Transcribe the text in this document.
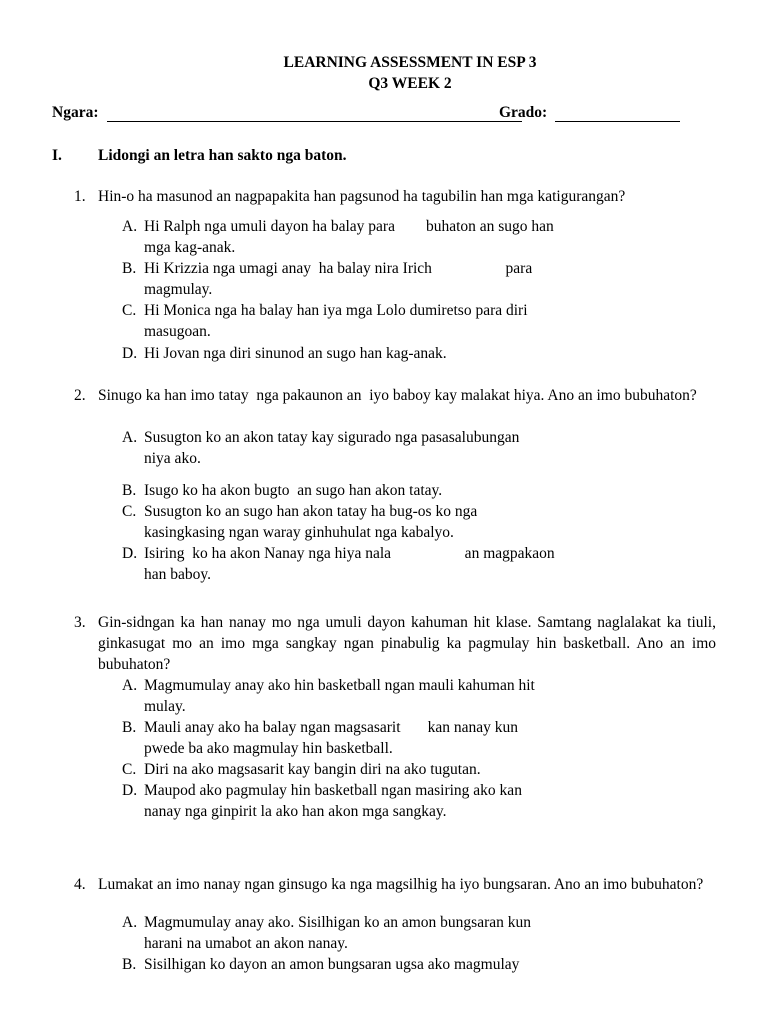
LEARNING ASSESSMENT IN ESP 3
Q3 WEEK 2
Ngara:	Grado:
I. Lidongi an letra han sakto nga baton.
1. Hin-o ha masunod an nagpapakita han pagsunod ha tagubilin han mga katigurangan?
A. Hi Ralph nga umuli dayon ha balay para        buhaton an sugo han
mga kag-anak.
B. Hi Krizzia nga umagi anay  ha balay nira Irich                   para
magmulay.
C. Hi Monica nga ha balay han iya mga Lolo dumiretso para diri
masugoan.
D. Hi Jovan nga diri sinunod an sugo han kag-anak.
2. Sinugo ka han imo tatay  nga pakaunon an  iyo baboy kay malakat hiya. Ano an imo bubuhaton?
A. Susugton ko an akon tatay kay sigurado nga pasasalubungan
niya ako.
B. Isugo ko ha akon bugto  an sugo han akon tatay.
C. Susugton ko an sugo han akon tatay ha bug-os ko nga
kasingkasing ngan waray ginhuhulat nga kabalyo.
D. Isiring  ko ha akon Nanay nga hiya nala                   an magpakaon
han baboy.
3. Gin-sidngan ka han nanay mo nga umuli dayon kahuman hit klase. Samtang naglalakat ka tiuli, ginkasugat mo an imo mga sangkay ngan pinabulig ka pagmulay hin basketball. Ano an imo bubuhaton?
A. Magmumulay anay ako hin basketball ngan mauli kahuman hit
mulay.
B. Mauli anay ako ha balay ngan magsasarit       kan nanay kun
pwede ba ako magmulay hin basketball.
C. Diri na ako magsasarit kay bangin diri na ako tugutan.
D. Maupod ako pagmulay hin basketball ngan masiring ako kan
nanay nga ginpirit la ako han akon mga sangkay.
4. Lumakat an imo nanay ngan ginsugo ka nga magsilhig ha iyo bungsaran. Ano an imo bubuhaton?
A. Magmumulay anay ako. Sisilhigan ko an amon bungsaran kun
harani na umabot an akon nanay.
B. Sisilhigan ko dayon an amon bungsaran ugsa ako magmulay
